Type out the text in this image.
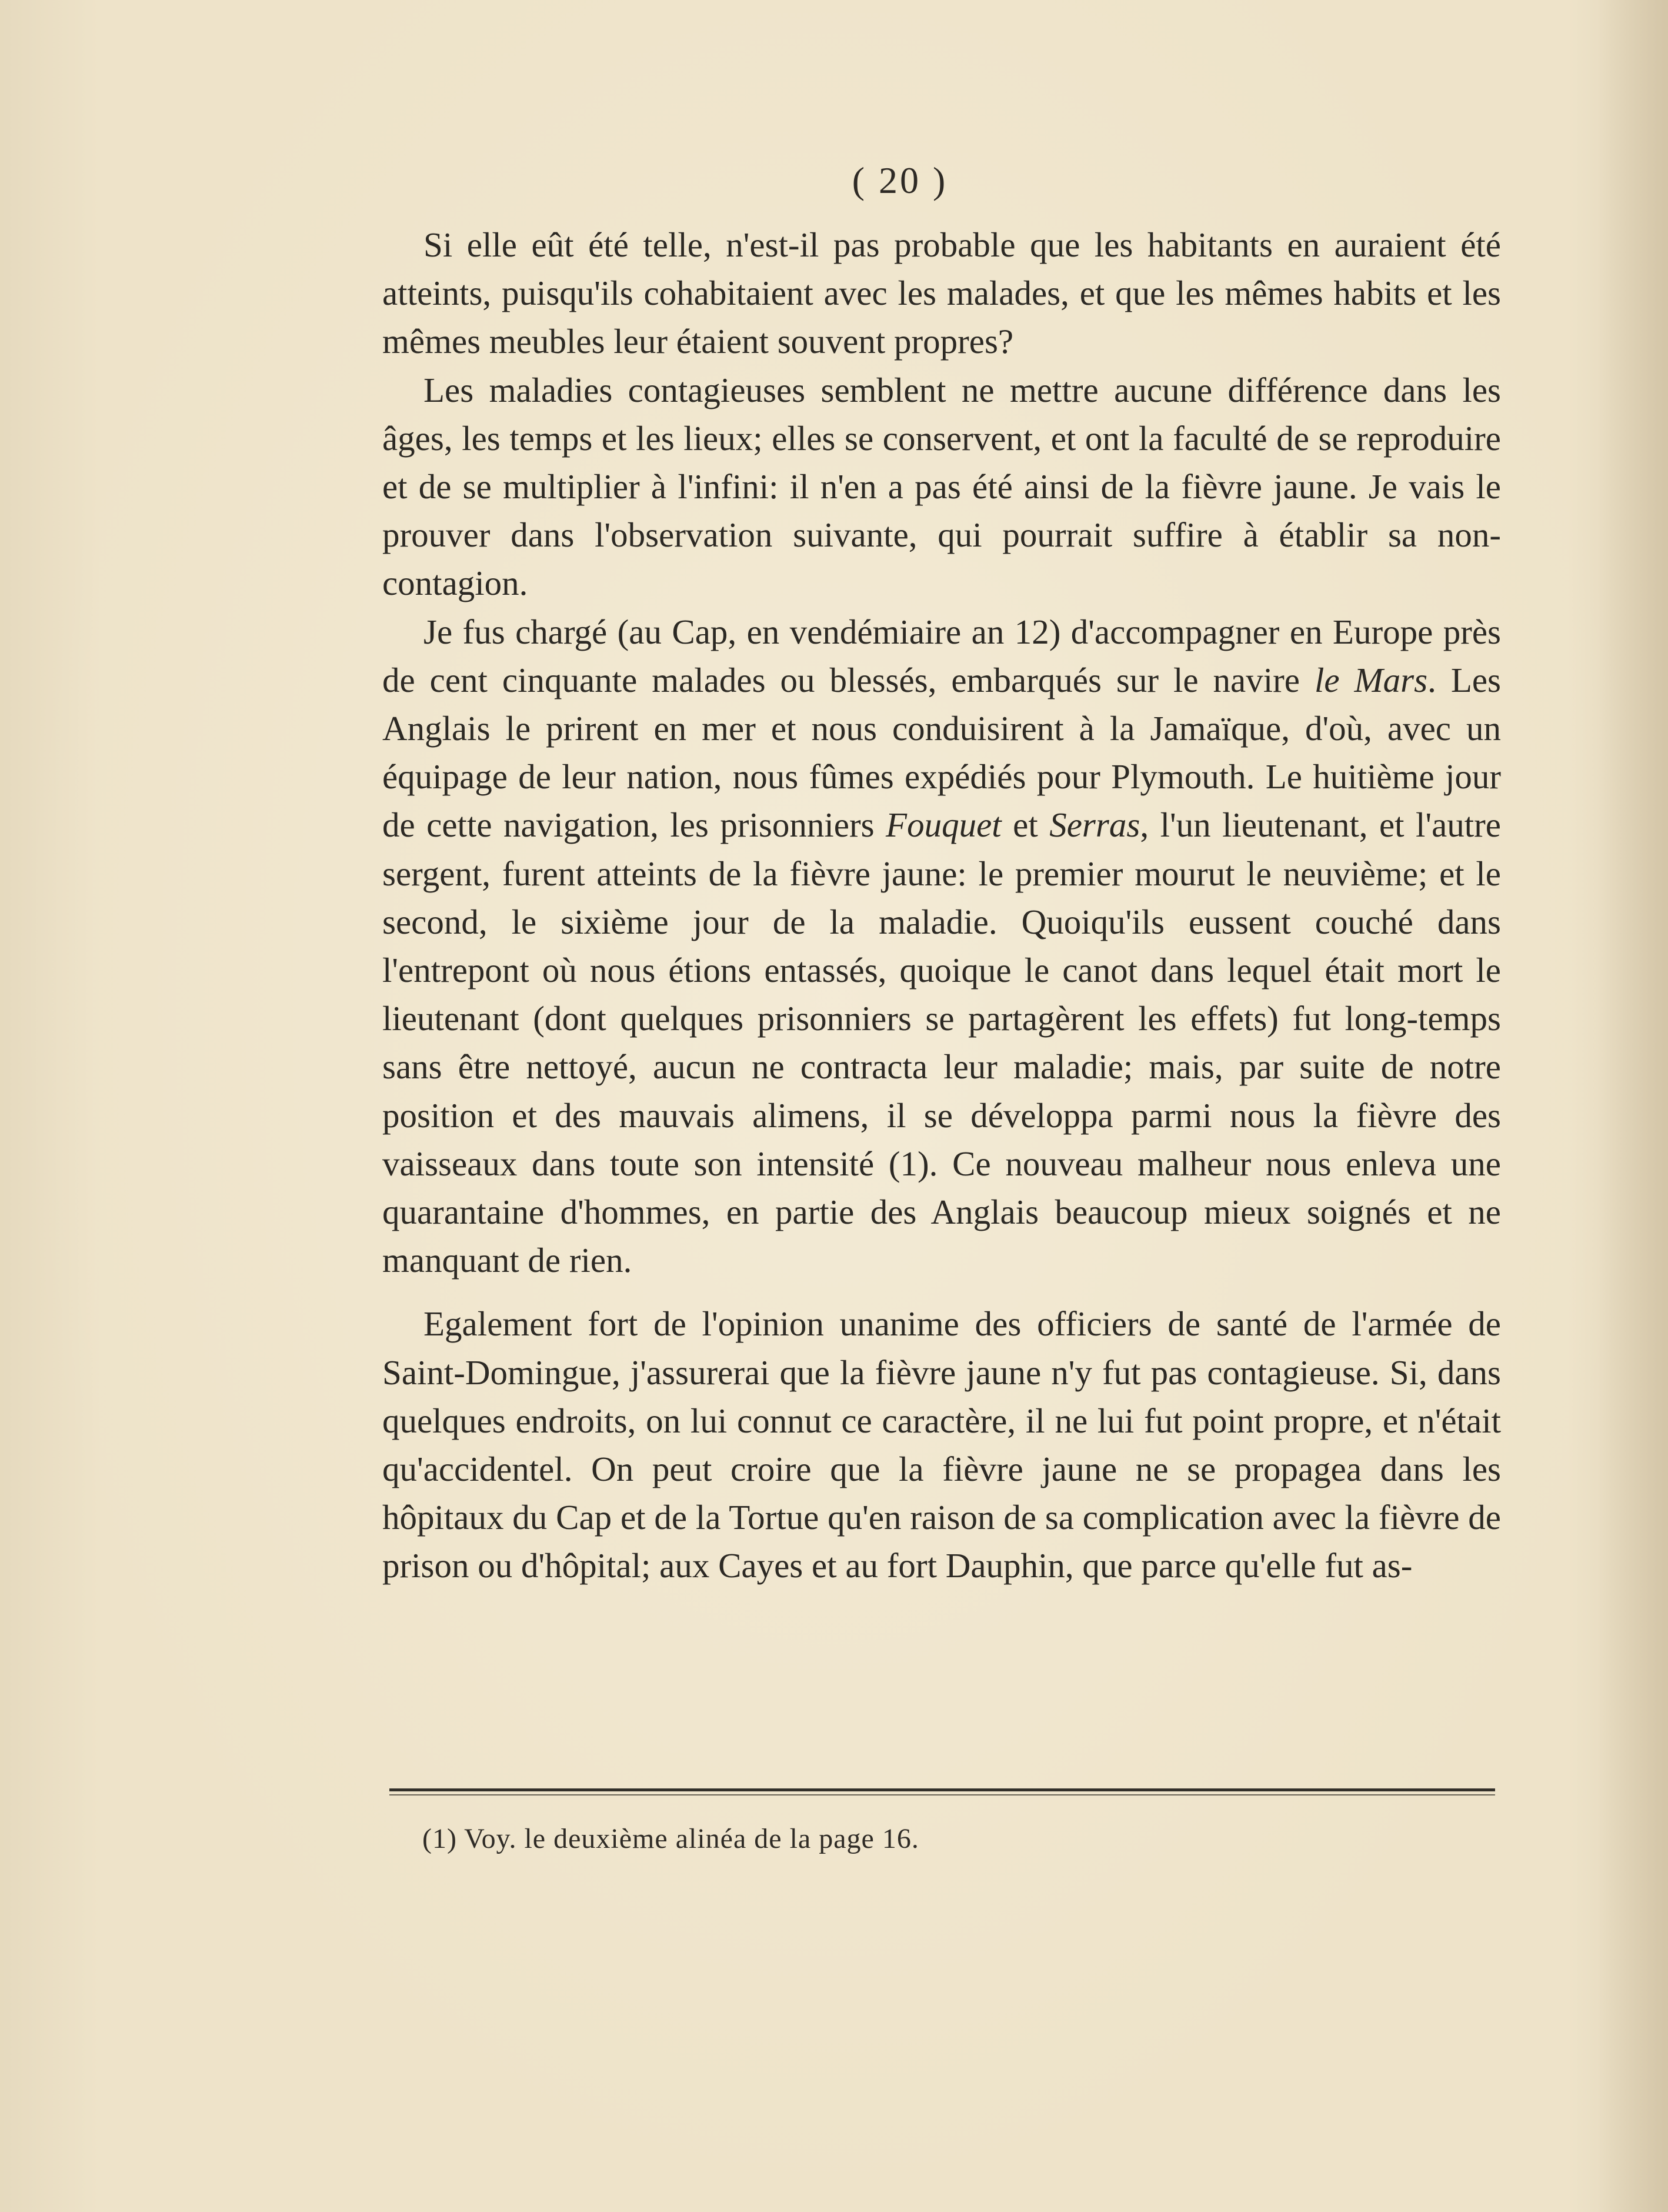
( 20 )

Si elle eût été telle, n'est-il pas probable que les habitants en auraient été atteints, puisqu'ils cohabitaient avec les malades, et que les mêmes habits et les mêmes meubles leur étaient souvent propres?

Les maladies contagieuses semblent ne mettre aucune différence dans les âges, les temps et les lieux; elles se conservent, et ont la faculté de se reproduire et de se multiplier à l'infini: il n'en a pas été ainsi de la fièvre jaune. Je vais le prouver dans l'observation suivante, qui pourrait suffire à établir sa non-contagion.

Je fus chargé (au Cap, en vendémiaire an 12) d'accompagner en Europe près de cent cinquante malades ou blessés, embarqués sur le navire le Mars. Les Anglais le prirent en mer et nous conduisirent à la Jamaïque, d'où, avec un équipage de leur nation, nous fûmes expédiés pour Plymouth. Le huitième jour de cette navigation, les prisonniers Fouquet et Serras, l'un lieutenant, et l'autre sergent, furent atteints de la fièvre jaune: le premier mourut le neuvième; et le second, le sixième jour de la maladie. Quoiqu'ils eussent couché dans l'entrepont où nous étions entassés, quoique le canot dans lequel était mort le lieutenant (dont quelques prisonniers se partagèrent les effets) fut long-temps sans être nettoyé, aucun ne contracta leur maladie; mais, par suite de notre position et des mauvais alimens, il se développa parmi nous la fièvre des vaisseaux dans toute son intensité (1). Ce nouveau malheur nous enleva une quarantaine d'hommes, en partie des Anglais beaucoup mieux soignés et ne manquant de rien.

Egalement fort de l'opinion unanime des officiers de santé de l'armée de Saint-Domingue, j'assurerai que la fièvre jaune n'y fut pas contagieuse. Si, dans quelques endroits, on lui connut ce caractère, il ne lui fut point propre, et n'était qu'accidentel. On peut croire que la fièvre jaune ne se propagea dans les hôpitaux du Cap et de la Tortue qu'en raison de sa complication avec la fièvre de prison ou d'hôpital; aux Cayes et au fort Dauphin, que parce qu'elle fut as-

(1) Voy. le deuxième alinéa de la page 16.
